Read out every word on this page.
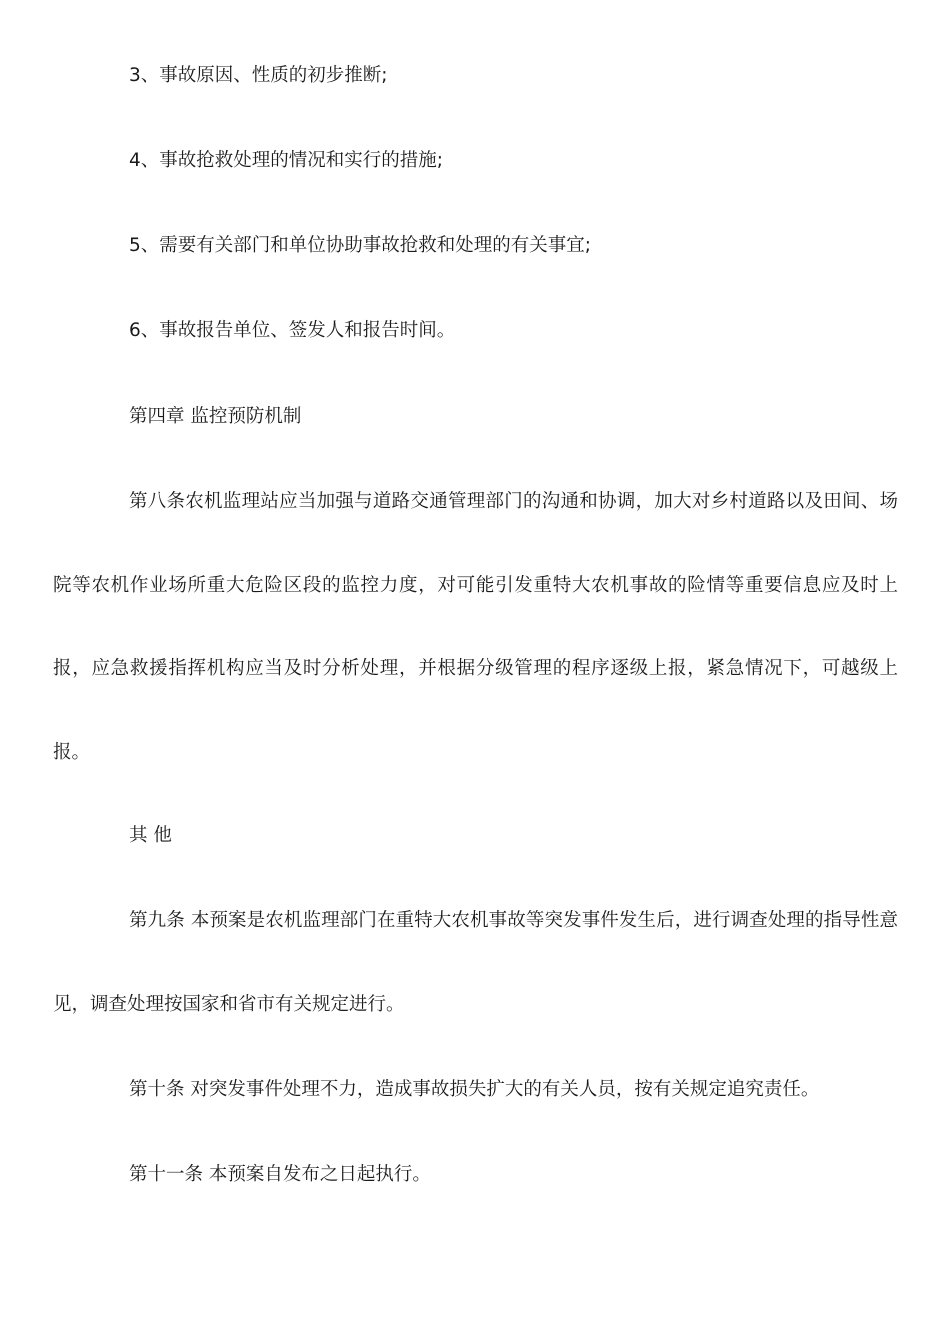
3、事故原因、性质的初步推断;

4、事故抢救处理的情况和实行的措施;

5、需要有关部门和单位协助事故抢救和处理的有关事宜;

6、事故报告单位、签发人和报告时间。

第四章 监控预防机制

第八条农机监理站应当加强与道路交通管理部门的沟通和协调，加大对乡村道路以及田间、场院等农机作业场所重大危险区段的监控力度，对可能引发重特大农机事故的险情等重要信息应及时上报，应急救援指挥机构应当及时分析处理，并根据分级管理的程序逐级上报，紧急情况下，可越级上报。

其 他

第九条 本预案是农机监理部门在重特大农机事故等突发事件发生后，进行调查处理的指导性意见，调查处理按国家和省市有关规定进行。

第十条 对突发事件处理不力，造成事故损失扩大的有关人员，按有关规定追究责任。

第十一条 本预案自发布之日起执行。
